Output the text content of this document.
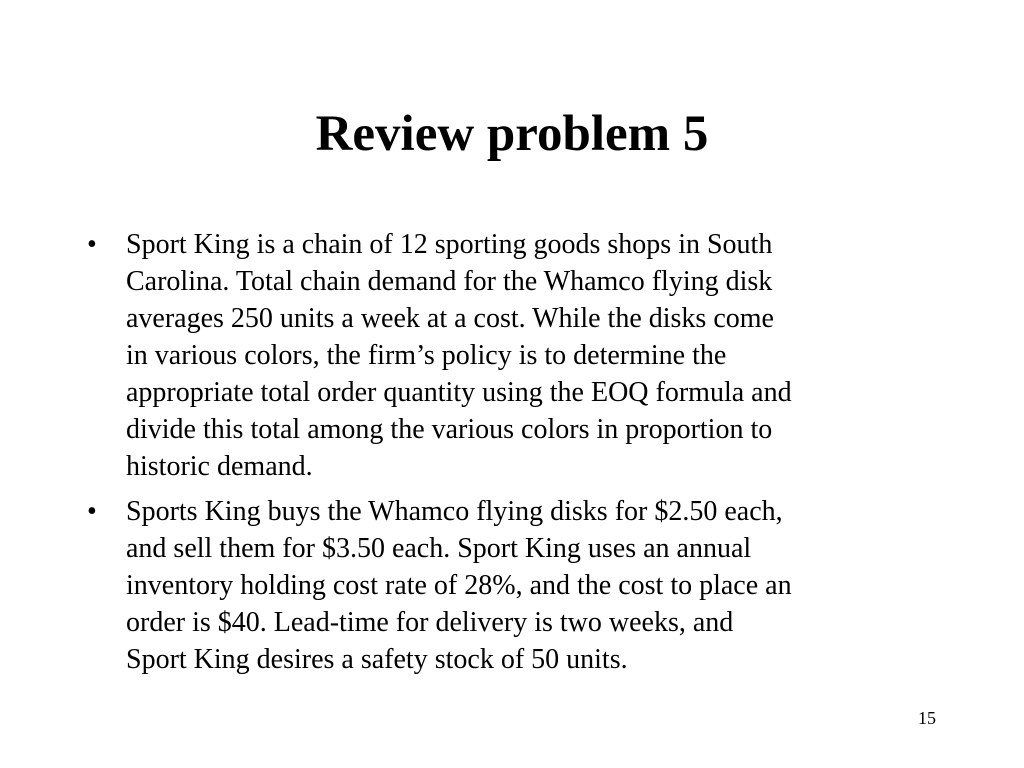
Review problem 5
• Sport King is a chain of 12 sporting goods shops in South
Carolina. Total chain demand for the Whamco flying disk
averages 250 units a week at a cost. While the disks come
in various colors, the firm’s policy is to determine the
appropriate total order quantity using the EOQ formula and
divide this total among the various colors in proportion to
historic demand.
• Sports King buys the Whamco flying disks for $2.50 each,
and sell them for $3.50 each. Sport King uses an annual
inventory holding cost rate of 28%, and the cost to place an
order is $40. Lead-time for delivery is two weeks, and
Sport King desires a safety stock of 50 units.
15
